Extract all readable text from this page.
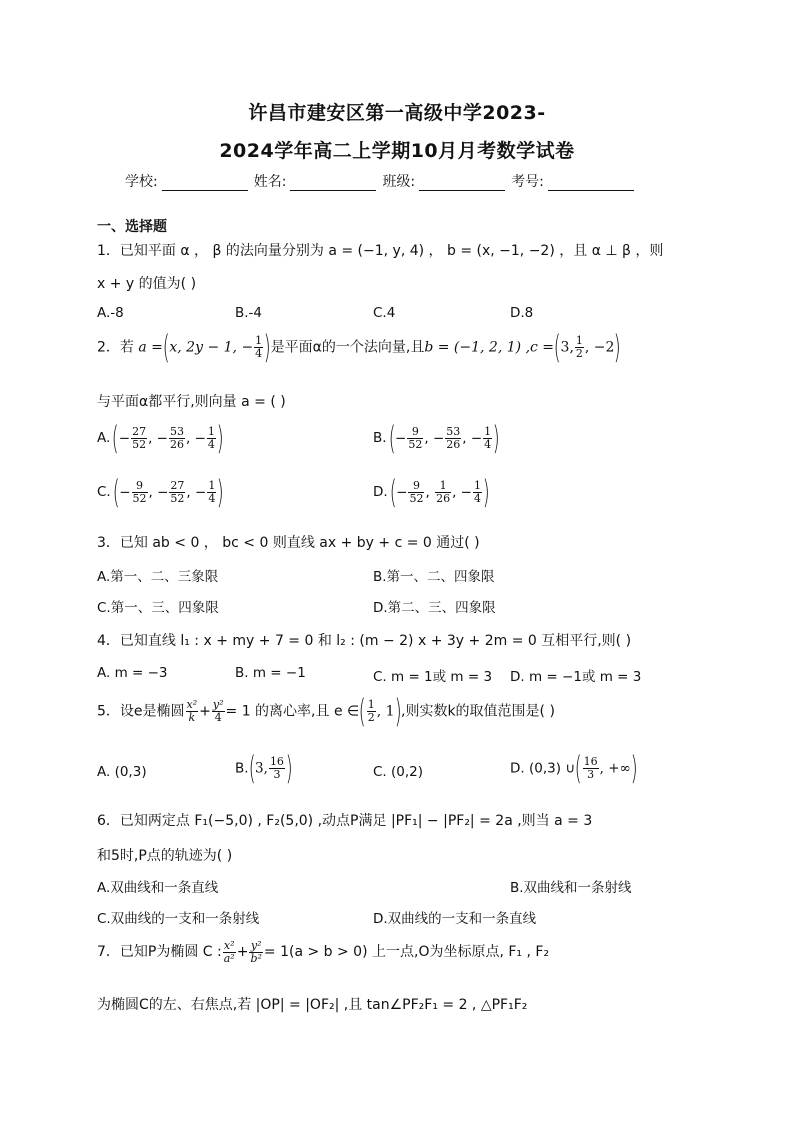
许昌市建安区第一高级中学2023-
2024学年高二上学期10月月考数学试卷
学校:	姓名:	班级:	考号:
一、选择题
1．已知平面 α ， β 的法向量分别为 a = (−1, y, 4) ， b = (x, −1, −2) ，且 α ⊥ β ，则
x + y 的值为( )
A.-8	B.-4	C.4	D.8
2．若 a =(x, 2y − 1, − $\frac{1}{4}$ )是平面α的一个法向量,且b = (−1, 2, 1) ,c =(3, $\frac{1}{2}$ , −2)
与平面α都平行,则向量 a = ( )
$A.(- \frac{27}{52}$ , − $\frac{53}{26}$ , − $\frac{1}{4}$ )	$B.(- \frac{9}{52}$ , − $\frac{53}{26}$ , − $\frac{1}{4}$ )
$C.(- \frac{9}{52}$ , − $\frac{27}{52}$ , − $\frac{1}{4}$ )	$D.(- \frac{9}{52}$ , $\frac{1}{26}$ , − $\frac{1}{4}$ )
3．已知 ab < 0 ， bc < 0 则直线 ax + by + c = 0 通过( )
A.第一、二、三象限	B.第一、二、四象限
C.第一、三、四象限	D.第二、三、四象限
4．已知直线 l₁ : x + my + 7 = 0 和 l₂ : (m − 2) x + 3y + 2m = 0 互相平行,则( )
A. m = −3	B. m = −1	C. m = 1或 m = 3 D. m = −1或 m = 3
5．设e是椭圆 $\frac{\text{x²}}{k} + \frac{\text{y²}}{4} = 1$ 的离心率,且 e ∈( $\frac{1}{2}$ , 1),则实数k的取值范围是( )
A. (0,3)	B.(3, $\frac{16}{3}$ )	C. (0,2)	D. (0,3) ∪( $\frac{16}{3}$ , +∞)
6．已知两定点 F₁(−5,0) , F₂(5,0) ,动点P满足 |PF₁| − |PF₂| = 2a ,则当 a = 3
和5时,P点的轨迹为( )
A.双曲线和一条直线	B.双曲线和一条射线
C.双曲线的一支和一条射线	D.双曲线的一支和一条直线
7．已知P为椭圆 C : $\frac{\text{x²}}{\text{a²}} + \frac{\text{y²}}{\text{b²}} = 1(a > b > 0)$ 上一点,O为坐标原点, F₁ , F₂
为椭圆C的左、右焦点,若 |OP| = |OF₂| ,且 tan∠PF₂F₁ = 2 , △PF₁F₂
